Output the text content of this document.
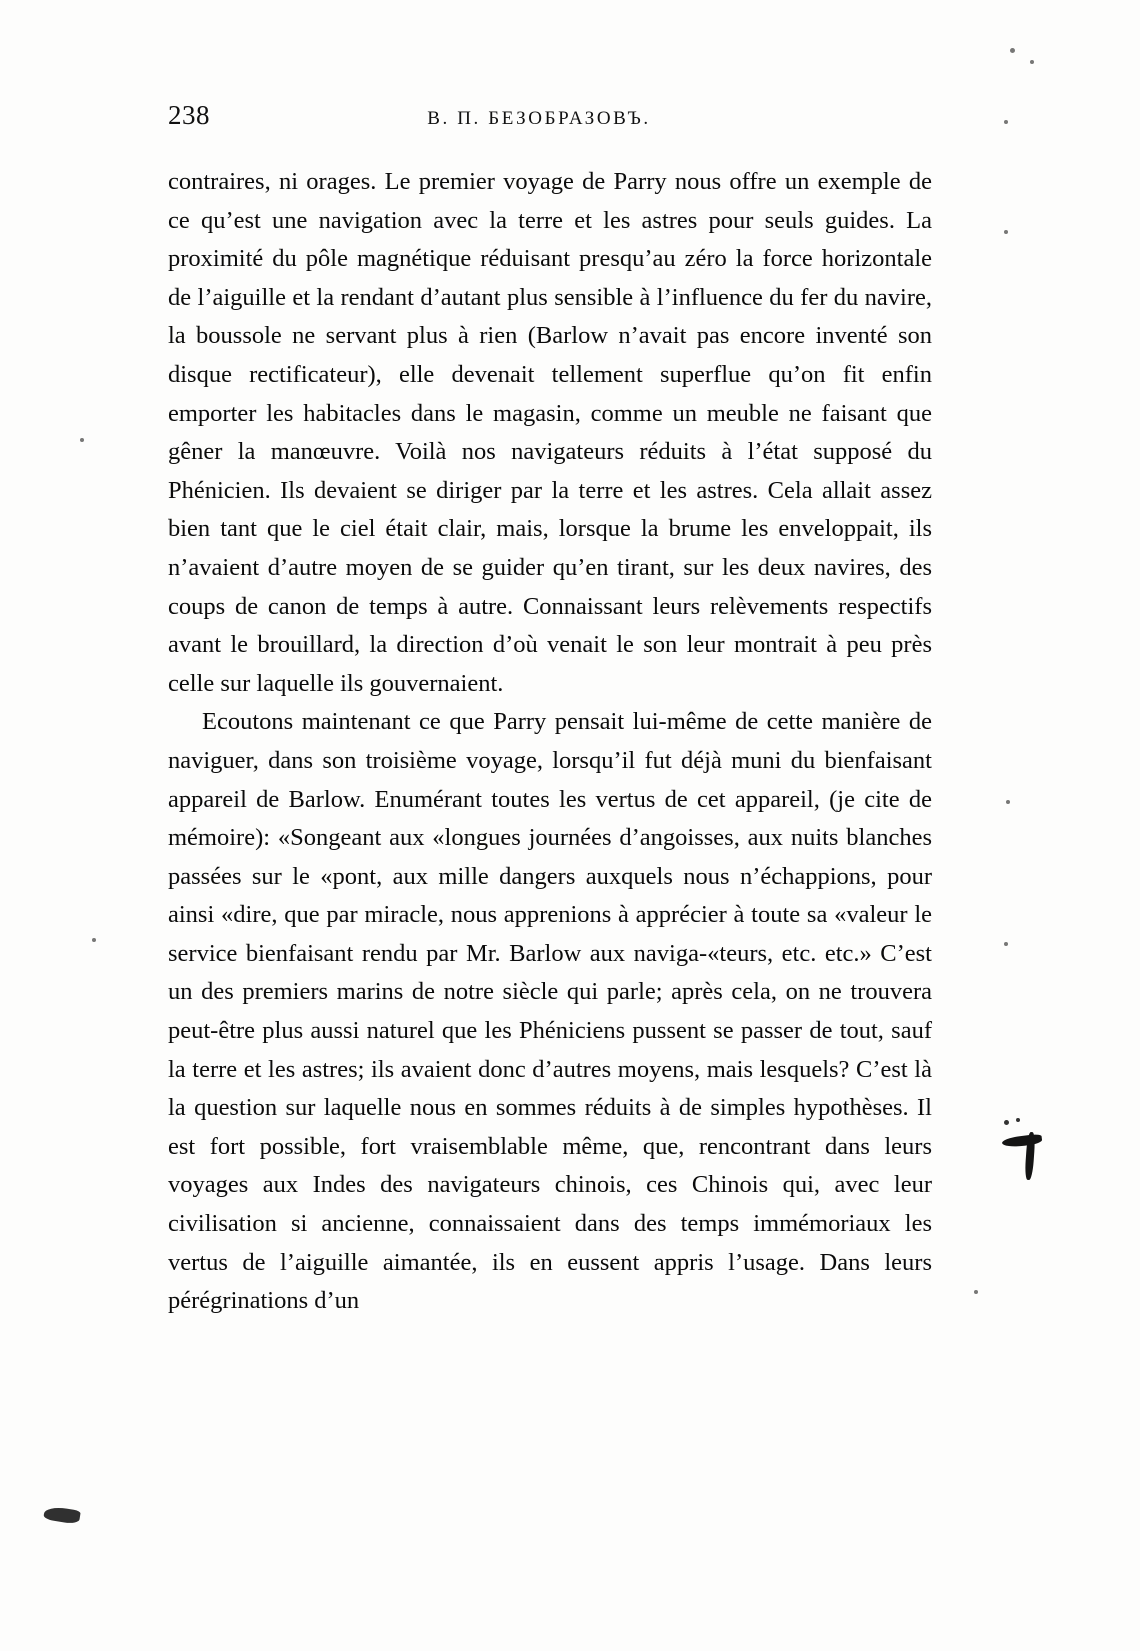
238	В. П. БЕЗОБРАЗОВЪ.

contraires, ni orages. Le premier voyage de Parry nous offre un exemple de ce qu’est une navigation avec la terre et les astres pour seuls guides. La proximité du pôle magnétique réduisant presqu’au zéro la force horizontale de l’aiguille et la rendant d’autant plus sensible à l’influence du fer du navire, la boussole ne servant plus à rien (Barlow n’avait pas encore inventé son disque rectificateur), elle devenait tellement superflue qu’on fit enfin emporter les habitacles dans le magasin, comme un meuble ne faisant que gêner la manœuvre. Voilà nos navigateurs réduits à l’état supposé du Phénicien. Ils devaient se diriger par la terre et les astres. Cela allait assez bien tant que le ciel était clair, mais, lorsque la brume les enveloppait, ils n’avaient d’autre moyen de se guider qu’en tirant, sur les deux navires, des coups de canon de temps à autre. Connaissant leurs relèvements respectifs avant le brouillard, la direction d’où venait le son leur montrait à peu près celle sur laquelle ils gouvernaient.

Ecoutons maintenant ce que Parry pensait lui-même de cette manière de naviguer, dans son troisième voyage, lorsqu’il fut déjà muni du bienfaisant appareil de Barlow. Enumérant toutes les vertus de cet appareil, (je cite de mémoire): «Songeant aux «longues journées d’angoisses, aux nuits blanches passées sur le «pont, aux mille dangers auxquels nous n’échappions, pour ainsi «dire, que par miracle, nous apprenions à apprécier à toute sa «valeur le service bienfaisant rendu par Mr. Barlow aux naviga-«teurs, etc. etc.» C’est un des premiers marins de notre siècle qui parle; après cela, on ne trouvera peut-être plus aussi naturel que les Phéniciens pussent se passer de tout, sauf la terre et les astres; ils avaient donc d’autres moyens, mais lesquels? C’est là la question sur laquelle nous en sommes réduits à de simples hypothèses. Il est fort possible, fort vraisemblable même, que, rencontrant dans leurs voyages aux Indes des navigateurs chinois, ces Chinois qui, avec leur civilisation si ancienne, connaissaient dans des temps immémoriaux les vertus de l’aiguille aimantée, ils en eussent appris l’usage. Dans leurs pérégrinations d’un
